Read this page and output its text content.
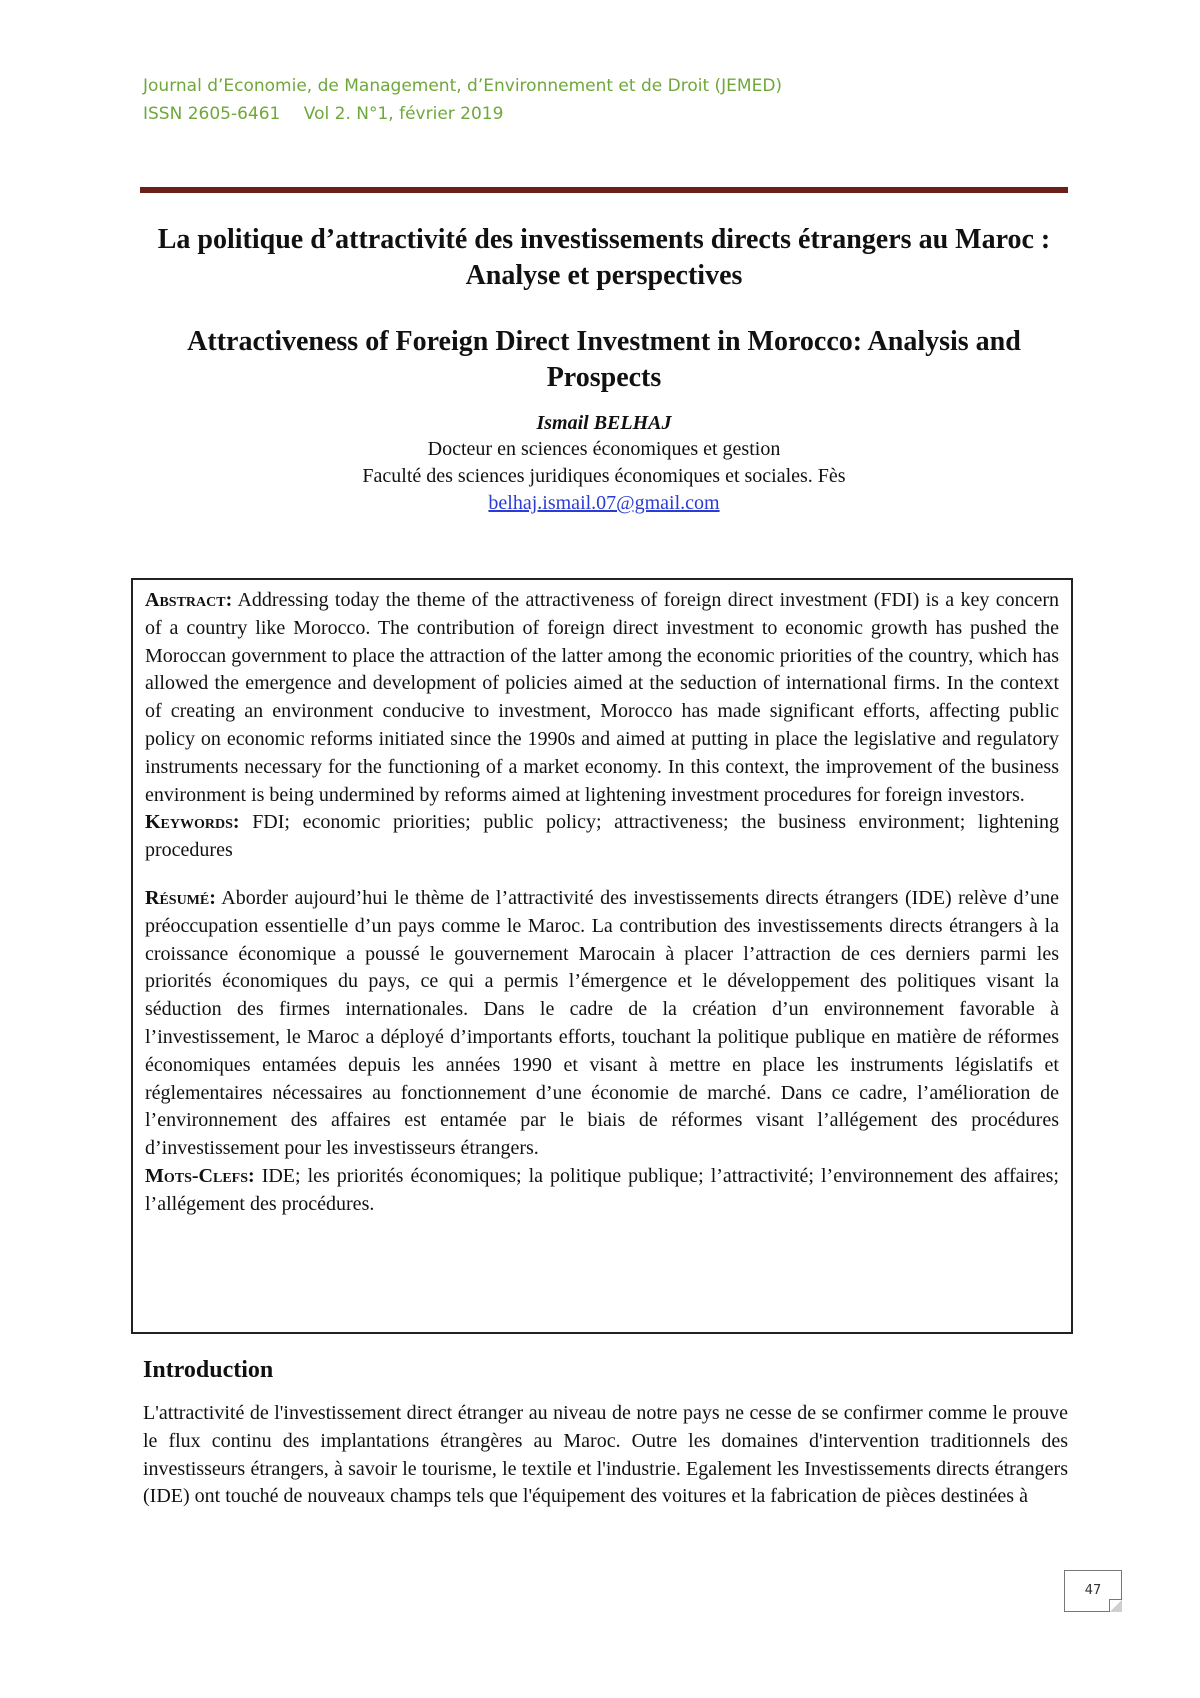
Journal d’Economie, de Management, d’Environnement et de Droit (JEMED)
ISSN 2605-6461 Vol 2. N°1, février 2019
La politique d’attractivité des investissements directs étrangers au Maroc : Analyse et perspectives
Attractiveness of Foreign Direct Investment in Morocco: Analysis and Prospects
Ismail BELHAJ
Docteur en sciences économiques et gestion
Faculté des sciences juridiques économiques et sociales. Fès
belhaj.ismail.07@gmail.com

Abstract: Addressing today the theme of the attractiveness of foreign direct investment (FDI) is a key concern of a country like Morocco. The contribution of foreign direct investment to economic growth has pushed the Moroccan government to place the attraction of the latter among the economic priorities of the country, which has allowed the emergence and development of policies aimed at the seduction of international firms. In the context of creating an environment conducive to investment, Morocco has made significant efforts, affecting public policy on economic reforms initiated since the 1990s and aimed at putting in place the legislative and regulatory instruments necessary for the functioning of a market economy. In this context, the improvement of the business environment is being undermined by reforms aimed at lightening investment procedures for foreign investors.

Keywords: FDI; economic priorities; public policy; attractiveness; the business environment; lightening procedures

Résumé: Aborder aujourd’hui le thème de l’attractivité des investissements directs étrangers (IDE) relève d’une préoccupation essentielle d’un pays comme le Maroc. La contribution des investissements directs étrangers à la croissance économique a poussé le gouvernement Marocain à placer l’attraction de ces derniers parmi les priorités économiques du pays, ce qui a permis l’émergence et le développement des politiques visant la séduction des firmes internationales. Dans le cadre de la création d’un environnement favorable à l’investissement, le Maroc a déployé d’importants efforts, touchant la politique publique en matière de réformes économiques entamées depuis les années 1990 et visant à mettre en place les instruments législatifs et réglementaires nécessaires au fonctionnement d’une économie de marché. Dans ce cadre, l’amélioration de l’environnement des affaires est entamée par le biais de réformes visant l’allégement des procédures d’investissement pour les investisseurs étrangers.

Mots-Clefs: IDE; les priorités économiques; la politique publique; l’attractivité; l’environnement des affaires; l’allégement des procédures.

Introduction

L'attractivité de l'investissement direct étranger au niveau de notre pays ne cesse de se confirmer comme le prouve le flux continu des implantations étrangères au Maroc. Outre les domaines d'intervention traditionnels des investisseurs étrangers, à savoir le tourisme, le textile et l'industrie. Egalement les Investissements directs étrangers (IDE) ont touché de nouveaux champs tels que l'équipement des voitures et la fabrication de pièces destinées à

47
